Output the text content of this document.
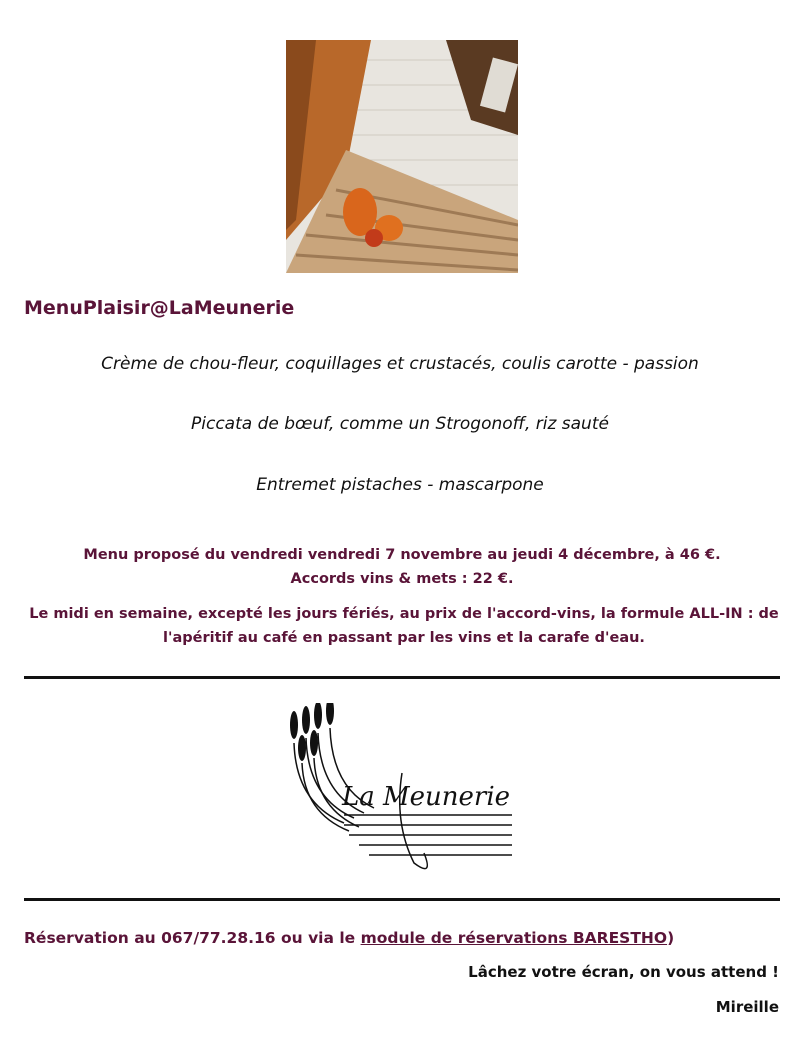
MenuPlaisir@LaMeunerie
Crème de chou-fleur, coquillages et crustacés, coulis carotte - passion
Piccata de bœuf, comme un Strogonoff, riz sauté
Entremet pistaches - mascarpone
Menu proposé du vendredi vendredi 7 novembre au jeudi 4 décembre, à 46 €.
Accords vins & mets : 22 €.
Le midi en semaine, excepté les jours fériés, au prix de l'accord-vins, la formule ALL-IN : de l'apéritif au café en passant par les vins et la carafe d'eau.
La Meunerie
Réservation au 067/77.28.16 ou via le module de réservations BARESTHO)
Lâchez votre écran, on vous attend !
Mireille
